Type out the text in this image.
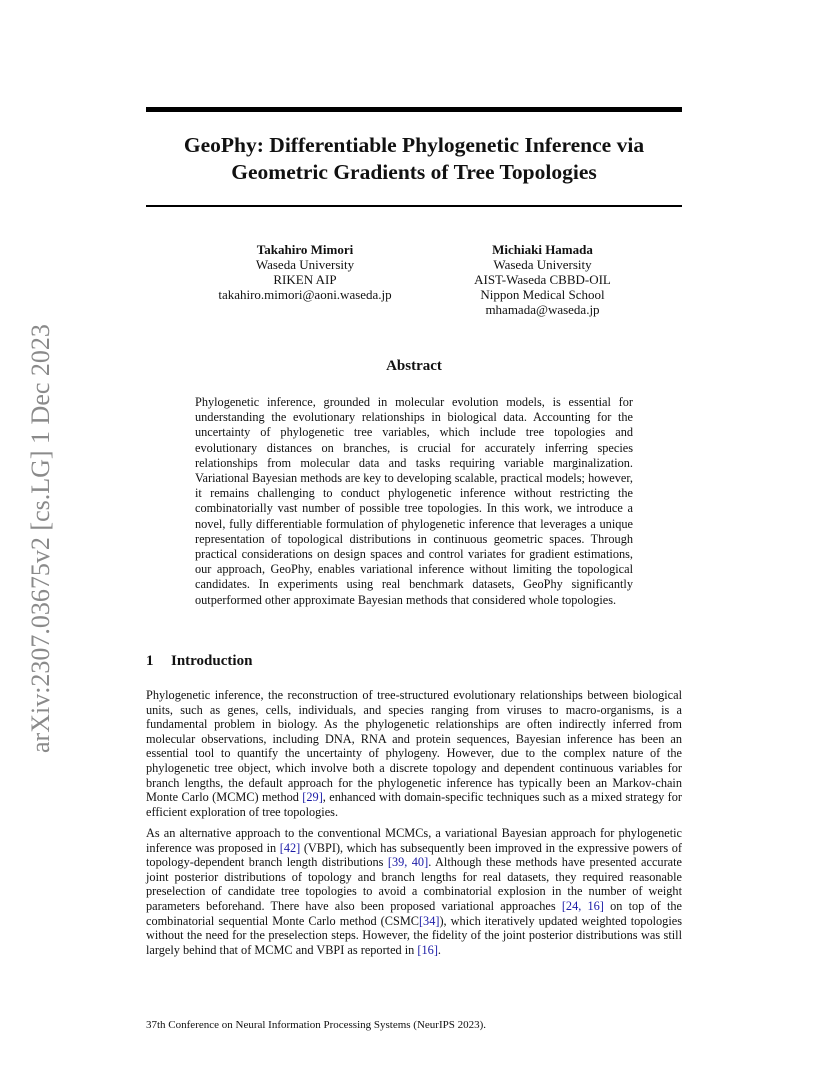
arXiv:2307.03675v2 [cs.LG] 1 Dec 2023
GeoPhy: Differentiable Phylogenetic Inference via
Geometric Gradients of Tree Topologies
Takahiro Mimori
Waseda University
RIKEN AIP
takahiro.mimori@aoni.waseda.jp
Michiaki Hamada
Waseda University
AIST-Waseda CBBD-OIL
Nippon Medical School
mhamada@waseda.jp
Abstract

Phylogenetic inference, grounded in molecular evolution models, is essential for understanding the evolutionary relationships in biological data. Accounting for the uncertainty of phylogenetic tree variables, which include tree topologies and evolutionary distances on branches, is crucial for accurately inferring species relationships from molecular data and tasks requiring variable marginalization. Variational Bayesian methods are key to developing scalable, practical models; however, it remains challenging to conduct phylogenetic inference without restricting the combinatorially vast number of possible tree topologies. In this work, we introduce a novel, fully differentiable formulation of phylogenetic inference that leverages a unique representation of topological distributions in continuous geometric spaces. Through practical considerations on design spaces and control variates for gradient estimations, our approach, GeoPhy, enables variational inference without limiting the topological candidates. In experiments using real benchmark datasets, GeoPhy significantly outperformed other approximate Bayesian methods that considered whole topologies.

1 Introduction

Phylogenetic inference, the reconstruction of tree-structured evolutionary relationships between biological units, such as genes, cells, individuals, and species ranging from viruses to macro-organisms, is a fundamental problem in biology. As the phylogenetic relationships are often indirectly inferred from molecular observations, including DNA, RNA and protein sequences, Bayesian inference has been an essential tool to quantify the uncertainty of phylogeny. However, due to the complex nature of the phylogenetic tree object, which involve both a discrete topology and dependent continuous variables for branch lengths, the default approach for the phylogenetic inference has typically been an Markov-chain Monte Carlo (MCMC) method [29], enhanced with domain-specific techniques such as a mixed strategy for efficient exploration of tree topologies.

As an alternative approach to the conventional MCMCs, a variational Bayesian approach for phylogenetic inference was proposed in [42] (VBPI), which has subsequently been improved in the expressive powers of topology-dependent branch length distributions [39, 40]. Although these methods have presented accurate joint posterior distributions of topology and branch lengths for real datasets, they required reasonable preselection of candidate tree topologies to avoid a combinatorial explosion in the number of weight parameters beforehand. There have also been proposed variational approaches [24, 16] on top of the combinatorial sequential Monte Carlo method (CSMC[34]), which iteratively updated weighted topologies without the need for the preselection steps. However, the fidelity of the joint posterior distributions was still largely behind that of MCMC and VBPI as reported in [16].

37th Conference on Neural Information Processing Systems (NeurIPS 2023).
